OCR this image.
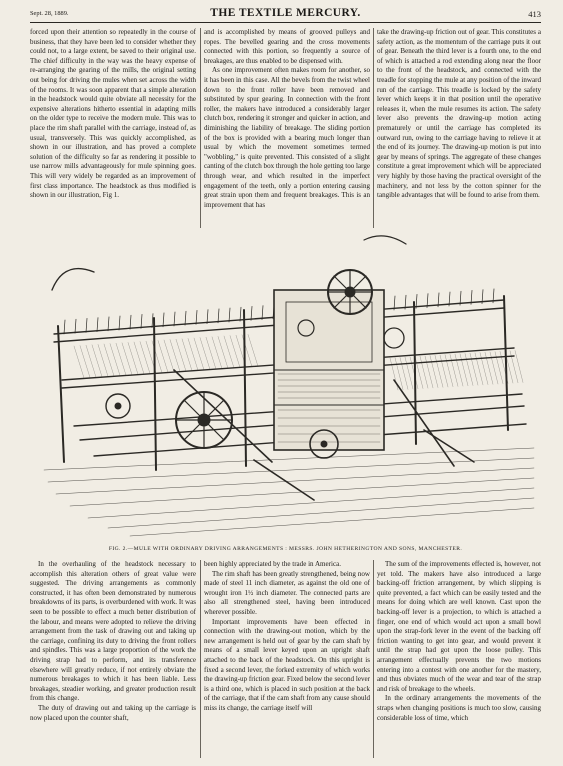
Sept. 28, 1889.	THE TEXTILE MERCURY.	413

forced upon their attention so repeatedly in the course of business, that they have been led to consider whether they could not, to a large extent, be saved to their original use. The chief difficulty in the way was the heavy expense of re-arranging the gearing of the mills, the original setting out being for driving the mules when set across the width of the rooms. It was soon apparent that a simple alteration in the headstock would quite obviate all necessity for the expensive alterations hitherto essential in adapting mills on the older type to receive the modern mule. This was to place the rim shaft parallel with the carriage, instead of, as usual, transversely. This was quickly accomplished, as shown in our illustration, and has proved a complete solution of the difficulty so far as rendering it possible to use narrow mills advantageously for mule spinning goes. This will very widely be regarded as an improvement of first class importance. The headstock as thus modified is shown in our illustration, Fig 1.

and is accomplished by means of grooved pulleys and ropes. The bevelled gearing and the cross movements connected with this portion, so frequently a source of breakages, are thus enabled to be dispensed with.

As one improvement often makes room for another, so it has been in this case. All the bevels from the twist wheel down to the front roller have been removed and substituted by spur gearing. In connection with the front roller, the makers have introduced a considerably larger clutch box, rendering it stronger and quicker in action, and diminishing the liability of breakage. The sliding portion of the box is provided with a bearing much longer than usual by which the movement sometimes termed "wobbling," is quite prevented. This consisted of a slight canting of the clutch box through the hole getting too large through wear, and which resulted in the imperfect engagement of the teeth, only a portion entering causing great strain upon them and frequent breakages. This is an improvement that has

take the drawing-up friction out of gear. This constitutes a safety action, as the momentum of the carriage puts it out of gear. Beneath the third lever is a fourth one, to the end of which is attached a rod extending along near the floor to the front of the headstock, and connected with the treadle for stopping the mule at any position of the inward run of the carriage. This treadle is locked by the safety lever which keeps it in that position until the operative releases it, when the mule resumes its action. The safety lever also prevents the drawing-up motion acting prematurely or until the carriage has completed its outward run, owing to the carriage having to relieve it at the end of its journey. The drawing-up motion is put into gear by means of springs. The aggregate of these changes constitute a great improvement which will be appreciated very highly by those having the practical oversight of the machinery, and not less by the cotton spinner for the tangible advantages that will be found to arise from them.

FIG. 2.—MULE WITH ORDINARY DRIVING ARRANGEMENTS : MESSRS. JOHN HETHERINGTON AND SONS, MANCHESTER.

In the overhauling of the headstock necessary to accomplish this alteration others of great value were suggested. The driving arrangements as commonly constructed, it has often been demonstrated by numerous breakdowns of its parts, is overburdened with work. It was seen to be possible to effect a much better distribution of the labour, and means were adopted to relieve the driving arrangement from the task of drawing out and taking up the carriage, confining its duty to driving the front rollers and spindles. This was a large proportion of the work the driving strap had to perform, and its transference elsewhere will greatly reduce, if not entirely obviate the numerous breakages to which it has been liable. Less breakages, steadier working, and greater production result from this change.

The duty of drawing out and taking up the carriage is now placed upon the counter shaft,

been highly appreciated by the trade in America.

The rim shaft has been greatly strengthened, being now made of steel 11 inch diameter, as against the old one of wrought iron 1½ inch diameter. The connected parts are also all strengthened steel, having been introduced wherever possible.

Important improvements have been effected in connection with the drawing-out motion, which by the new arrangement is held out of gear by the cam shaft by means of a small lever keyed upon an upright shaft attached to the back of the headstock. On this upright is fixed a second lever, the forked extremity of which works the drawing-up friction gear. Fixed below the second lever is a third one, which is placed in such position at the back of the carriage, that if the cam shaft from any cause should miss its change, the carriage itself will

The sum of the improvements effected is, however, not yet told. The makers have also introduced a large backing-off friction arrangement, by which slipping is quite prevented, a fact which can be easily tested and the means for doing which are well known. Cast upon the backing-off lever is a projection, to which is attached a finger, one end of which would act upon a small bowl upon the strap-fork lever in the event of the backing off friction wanting to get into gear, and would prevent it until the strap had got upon the loose pulley. This arrangement effectually prevents the two motions entering into a contest with one another for the mastery, and thus obviates much of the wear and tear of the strap and risk of breakage to the wheels.

In the ordinary arrangements the movements of the straps when changing positions is much too slow, causing considerable loss of time, which
